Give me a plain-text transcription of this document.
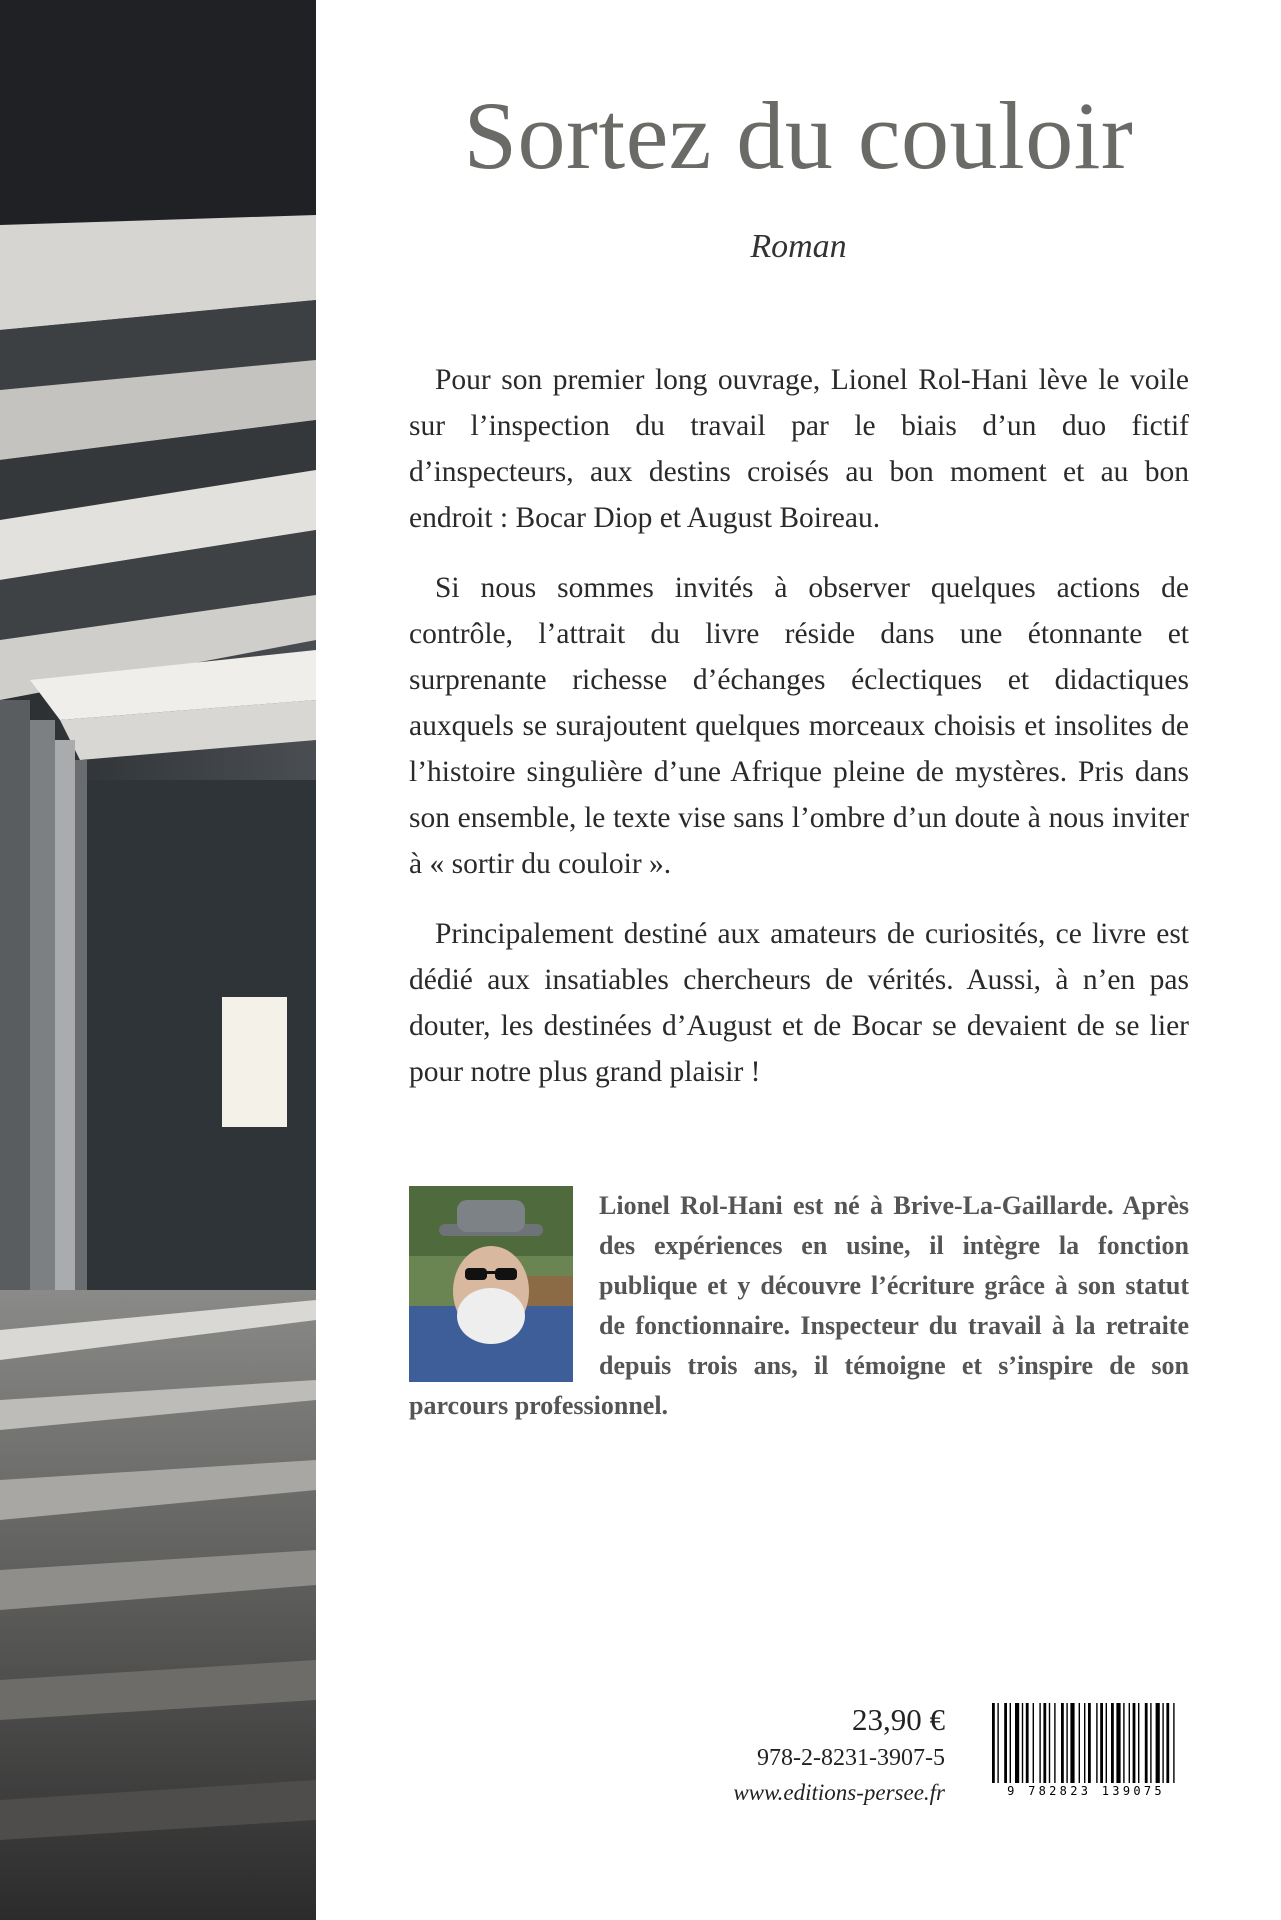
Sortez du couloir
Roman

Pour son premier long ouvrage, Lionel Rol-Hani lève le voile sur l’inspection du travail par le biais d’un duo fictif d’inspecteurs, aux destins croisés au bon moment et au bon endroit : Bocar Diop et August Boireau.

Si nous sommes invités à observer quelques actions de contrôle, l’attrait du livre réside dans une étonnante et surprenante richesse d’échanges éclectiques et didactiques auxquels se surajoutent quelques morceaux choisis et insolites de l’histoire singulière d’une Afrique pleine de mystères. Pris dans son ensemble, le texte vise sans l’ombre d’un doute à nous inviter à « sortir du couloir ».

Principalement destiné aux amateurs de curiosités, ce livre est dédié aux insatiables chercheurs de vérités. Aussi, à n’en pas douter, les destinées d’August et de Bocar se devaient de se lier pour notre plus grand plaisir !

Lionel Rol-Hani est né à Brive-La-Gaillarde. Après des expériences en usine, il intègre la fonction publique et y découvre l’écriture grâce à son statut de fonctionnaire. Inspecteur du travail à la retraite depuis trois ans, il témoigne et s’inspire de son parcours professionnel.

23,90 €
978-2-8231-3907-5
www.editions-persee.fr	9 782823 139075
